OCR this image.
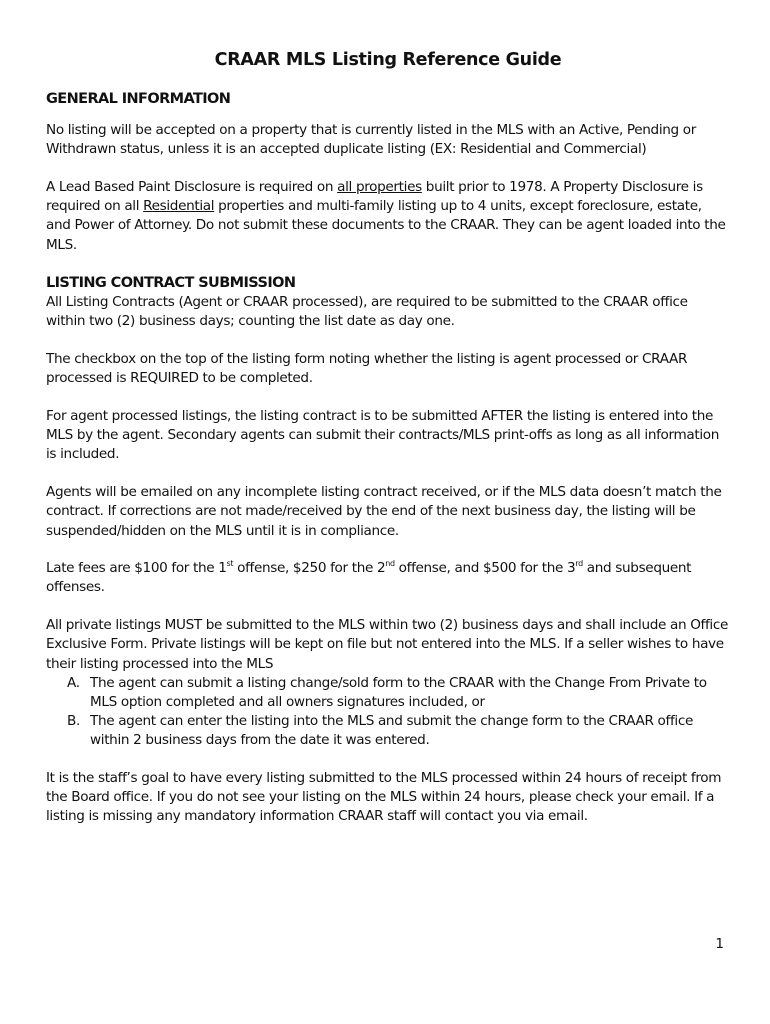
CRAAR MLS Listing Reference Guide
GENERAL INFORMATION

No listing will be accepted on a property that is currently listed in the MLS with an Active, Pending or Withdrawn status, unless it is an accepted duplicate listing (EX: Residential and Commercial)

A Lead Based Paint Disclosure is required on all properties built prior to 1978. A Property Disclosure is required on all Residential properties and multi-family listing up to 4 units, except foreclosure, estate, and Power of Attorney. Do not submit these documents to the CRAAR. They can be agent loaded into the MLS.

LISTING CONTRACT SUBMISSION

All Listing Contracts (Agent or CRAAR processed), are required to be submitted to the CRAAR office within two (2) business days; counting the list date as day one.

The checkbox on the top of the listing form noting whether the listing is agent processed or CRAAR processed is REQUIRED to be completed.

For agent processed listings, the listing contract is to be submitted AFTER the listing is entered into the MLS by the agent. Secondary agents can submit their contracts/MLS print-offs as long as all information is included.

Agents will be emailed on any incomplete listing contract received, or if the MLS data doesn’t match the contract. If corrections are not made/received by the end of the next business day, the listing will be suspended/hidden on the MLS until it is in compliance.

Late fees are $100 for the 1st offense, $250 for the 2nd offense, and $500 for the 3rd and subsequent offenses.

All private listings MUST be submitted to the MLS within two (2) business days and shall include an Office Exclusive Form. Private listings will be kept on file but not entered into the MLS. If a seller wishes to have their listing processed into the MLS

A. The agent can submit a listing change/sold form to the CRAAR with the Change From Private to MLS option completed and all owners signatures included, or
B. The agent can enter the listing into the MLS and submit the change form to the CRAAR office within 2 business days from the date it was entered.

It is the staff’s goal to have every listing submitted to the MLS processed within 24 hours of receipt from the Board office. If you do not see your listing on the MLS within 24 hours, please check your email. If a listing is missing any mandatory information CRAAR staff will contact you via email.

1
